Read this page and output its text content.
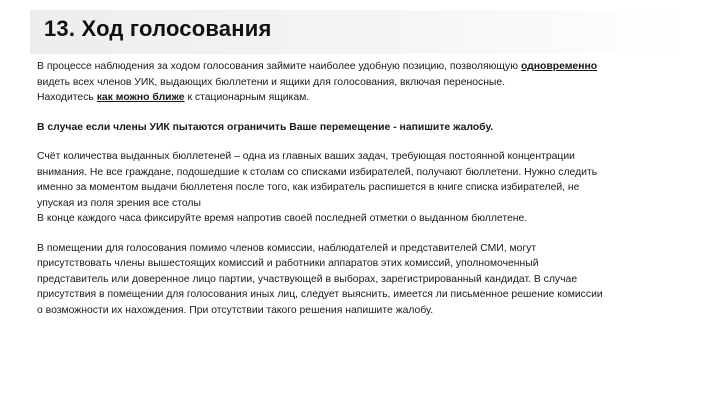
13. Ход голосования
В процессе наблюдения за ходом голосования займите наиболее удобную позицию, позволяющую одновременно
видеть всех членов УИК, выдающих бюллетени и ящики для голосования, включая переносные.
Находитесь как можно ближе к стационарным ящикам.
В случае если члены УИК пытаются ограничить Ваше перемещение - напишите жалобу.
Счёт количества выданных бюллетеней – одна из главных ваших задач, требующая постоянной концентрации
внимания. Не все граждане, подошедшие к столам со списками избирателей, получают бюллетени. Нужно следить
именно за моментом выдачи бюллетеня после того, как избиратель распишется в книге списка избирателей, не
упуская из поля зрения все столы
В конце каждого часа фиксируйте время напротив своей последней отметки о выданном бюллетене.
В помещении для голосования помимо членов комиссии, наблюдателей и представителей СМИ, могут
присутствовать члены вышестоящих комиссий и работники аппаратов этих комиссий, уполномоченный
представитель или доверенное лицо партии, участвующей в выборах, зарегистрированный кандидат. В случае
присутствия в помещении для голосования иных лиц, следует выяснить, имеется ли письменное решение комиссии
о возможности их нахождения. При отсутствии такого решения напишите жалобу.
